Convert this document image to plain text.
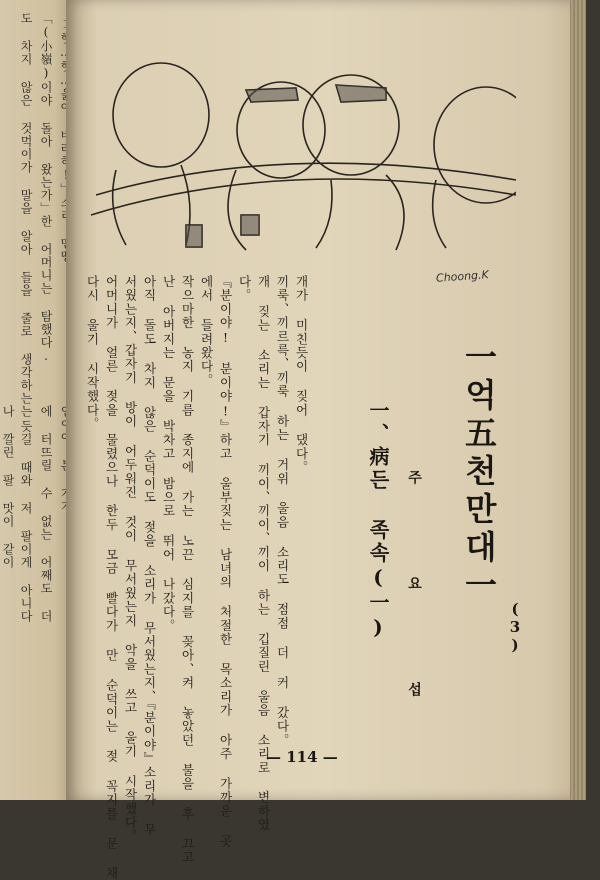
「(小嶺)이야 돌아 왔는가」한 어머니는 탐했다.
도 차지 않은 것먹이가 말을 알아 들을 줄로 생각하는 듯
에 터뜨릴 수 없는 어째도 더
는 길 때와 저 팔이게 아니다
나 깔린 팔 맛이 같이
Choong.K
一억五천만대一
(3)
주 요 섭
一、病든 족속(一)
개가 미친듯이 짖어 댔다。
끼룩、끼르륵、끼룩 하는 거위 울음 소리도 점점 더 커 갔다。
개 짖는 소리는 갑자기 끼이、끼이、끼이 하는 깁질린 울음 소리로 변하였
다。
『분이야! 분이야!』하고 울부짖는 남녀의 처절한 목소리가 아주 가까운 곳
에서 들려왔다。
작으마한 농지 기름 종지에 가는 노끈 심지를 꽂아、켜 놓았던 불을 후 끄고
난 아버지는 문을 박차고 밤으로 뛰어 나갔다。
아직 돌도 차지 않은 순덕이도 젖을 소리가 무서웠는지、『분이야』소리가 무
서웠는지、갑자기 방이 어두워진 것이 무서웠는지 악을 쓰고 울기 시작했다。
어머니가 얼른 젖을 물렸으나 한두 모금 빨다가 만 순덕이는 젖 꼭지를 문 채
다시 울기 시작했다。
— 114 —
